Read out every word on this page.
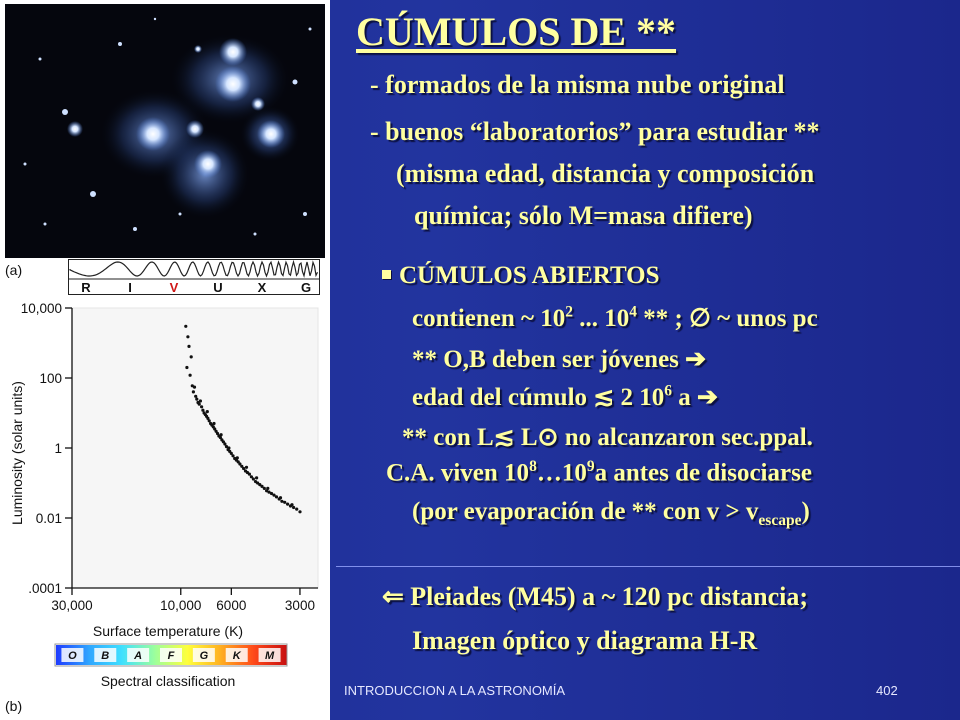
(a)
R	I	V	U	X	G
10,000
100
1
0.01
.0001
30,000	10,000 6000	3000
Luminosity (solar units)
Surface temperature (K)
O B A F G K M
Spectral classification
(b)
CÚMULOS DE **

- formados de la misma nube original

- buenos “laboratorios” para estudiar **

(misma edad, distancia y composición

química; sólo M=masa difiere)

CÚMULOS ABIERTOS

contienen ~ $10^2$ ... $10^4$ ** ; ∅ ~ unos pc

** O,B deben ser jóvenes ➔

edad del cúmulo ≲ 2 $10^6$ a ➔

** con L≲ L⊙ no alcanzaron sec.ppal.

C.A. viven $10^8\dots 10^9a$ antes de disociarse

(por evaporación de ** con $v > v_{escape}$)

⇐ Pleiades (M45) a ~ 120 pc distancia;

Imagen óptico y diagrama H-R

INTRODUCCION A LA ASTRONOMÍA	402
